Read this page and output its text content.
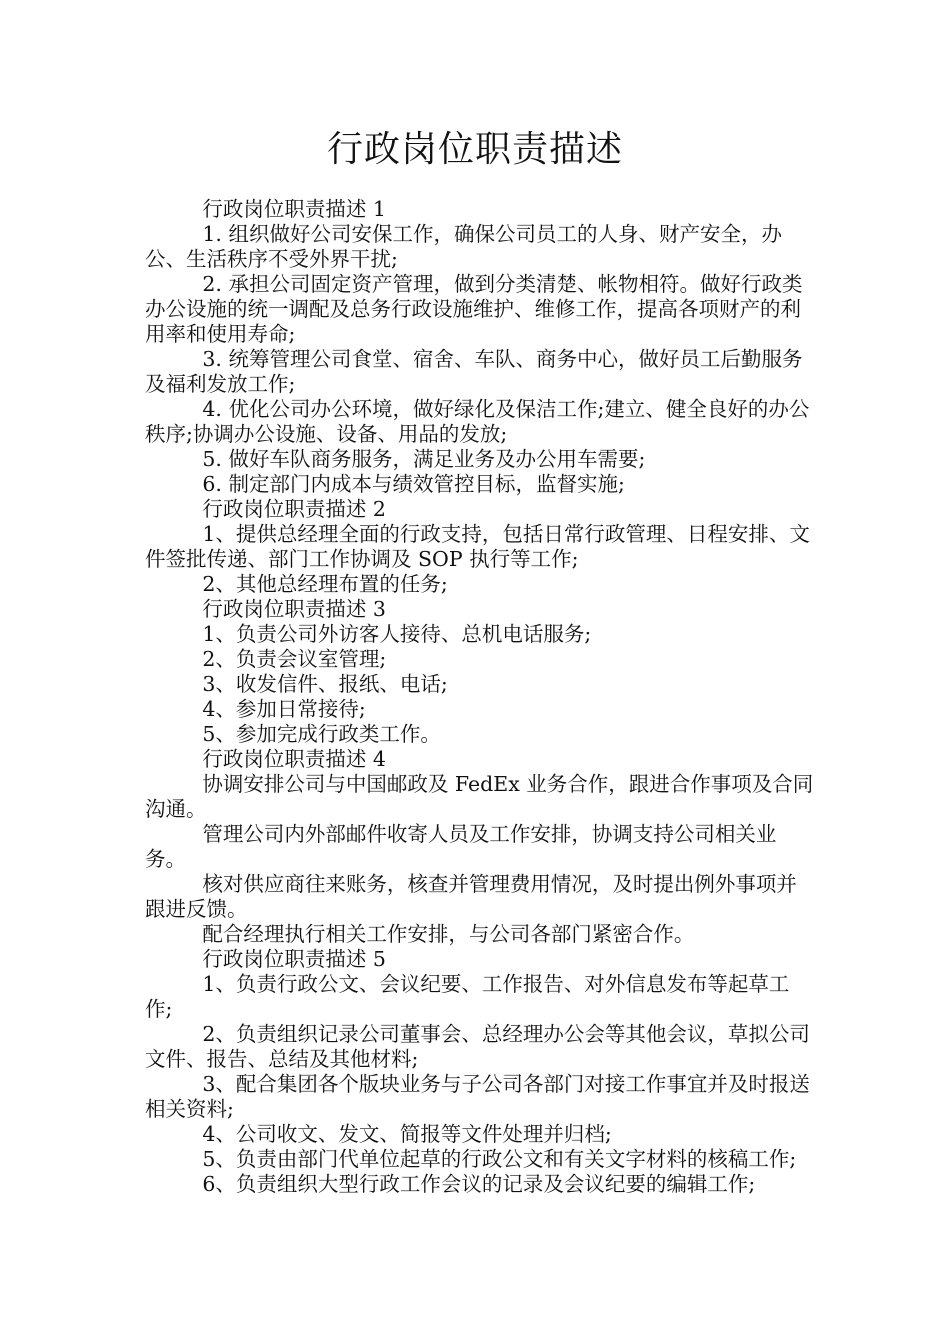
行政岗位职责描述

行政岗位职责描述 1

1. 组织做好公司安保工作，确保公司员工的人身、财产安全，办公、生活秩序不受外界干扰;

2. 承担公司固定资产管理，做到分类清楚、帐物相符。做好行政类办公设施的统一调配及总务行政设施维护、维修工作，提高各项财产的利用率和使用寿命;

3. 统筹管理公司食堂、宿舍、车队、商务中心，做好员工后勤服务及福利发放工作;

4. 优化公司办公环境，做好绿化及保洁工作;建立、健全良好的办公秩序;协调办公设施、设备、用品的发放;

5. 做好车队商务服务，满足业务及办公用车需要;

6. 制定部门内成本与绩效管控目标，监督实施;

行政岗位职责描述 2

1、提供总经理全面的行政支持，包括日常行政管理、日程安排、文件签批传递、部门工作协调及 SOP 执行等工作;

2、其他总经理布置的任务;

行政岗位职责描述 3

1、负责公司外访客人接待、总机电话服务;

2、负责会议室管理;

3、收发信件、报纸、电话;

4、参加日常接待;

5、参加完成行政类工作。

行政岗位职责描述 4

协调安排公司与中国邮政及 FedEx 业务合作，跟进合作事项及合同沟通。

管理公司内外部邮件收寄人员及工作安排，协调支持公司相关业务。

核对供应商往来账务，核查并管理费用情况，及时提出例外事项并跟进反馈。

配合经理执行相关工作安排，与公司各部门紧密合作。

行政岗位职责描述 5

1、负责行政公文、会议纪要、工作报告、对外信息发布等起草工作;

2、负责组织记录公司董事会、总经理办公会等其他会议，草拟公司文件、报告、总结及其他材料;

3、配合集团各个版块业务与子公司各部门对接工作事宜并及时报送相关资料;

4、公司收文、发文、简报等文件处理并归档;

5、负责由部门代单位起草的行政公文和有关文字材料的核稿工作;

6、负责组织大型行政工作会议的记录及会议纪要的编辑工作;
